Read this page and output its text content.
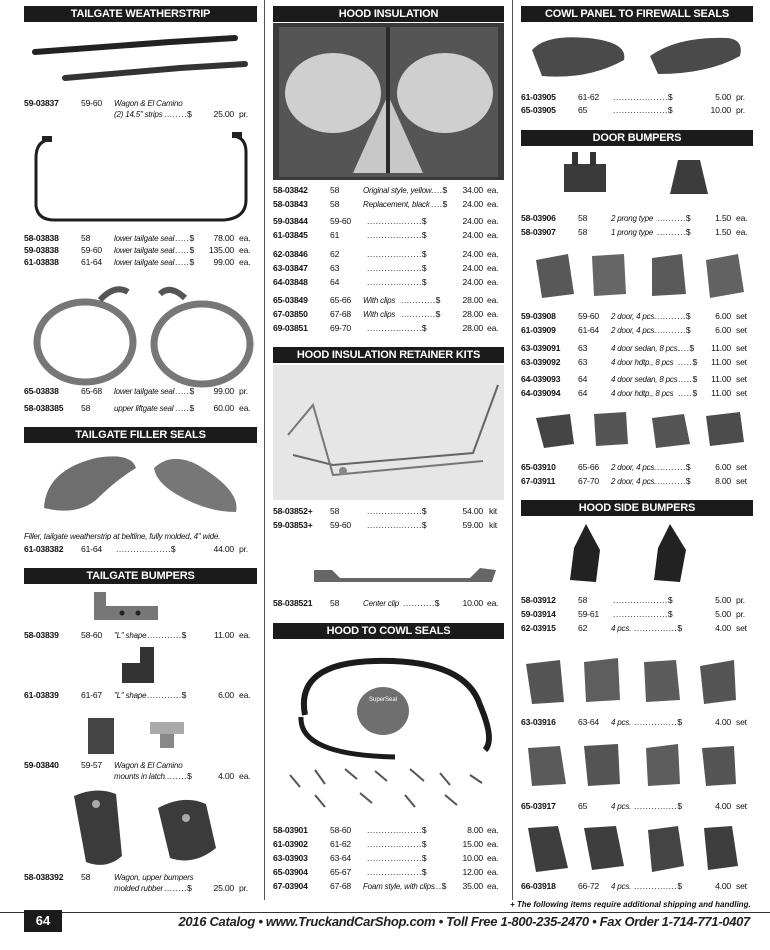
TAILGATE WEATHERSTRIP
TAILGATE FILLER SEALS
TAILGATE BUMPERS
59-03837	59-60 Wagon & El Camino
(2) 14.5" strips ........$	25.00 pr.
58-03838	58	lower tailgate seal .....$	78.00 ea.
59-03838	59-60 lower tailgate seal .....$	135.00 ea.
61-03838	61-64 lower tailgate seal .....$	99.00 ea.
65-03838	65-68 lower tailgate seal .....$	99.00 pr.
58-038385 58	upper liftgate seal .....$	60.00 ea.
Filler, tailgate weatherstrip at beltline, fully molded, 4" wide.
61-038382 61-64 ...................$	44.00 pr.
58-03839	58-60 "L" shape ............$	11.00 ea.
61-03839	61-67 "L" shape ............$	6.00 ea.
59-03840	59-57 Wagon & El Camino
mounts in latch ........$	4.00 ea.
58-038392 58	Wagon, upper bumpers
molded rubber ........$	25.00 pr.
HOOD INSULATION
HOOD INSULATION RETAINER KITS
HOOD TO COWL SEALS
SuperSeal
58-03842	58	Original style, yellow ....$	34.00 ea.
58-03843	58	Replacement, black ....$	24.00 ea.
59-03844	59-60 ...................$	24.00 ea.
61-03845	61	...................$	24.00 ea.
62-03846	62	...................$	24.00 ea.
63-03847	63	...................$	24.00 ea.
64-03848	64	...................$	24.00 ea.
65-03849	65-66 With clips ............$	28.00 ea.
67-03850	67-68 With clips ............$	28.00 ea.
69-03851	69-70 ...................$	28.00 ea.
58-03852+ 58	...................$	54.00 kit
59-03853+ 59-60 ...................$	59.00 kit
58-038521 58	Center clip ...........$	10.00 ea.
58-03901	58-60 ...................$	8.00 ea.
61-03902	61-62 ...................$	15.00 ea.
63-03903	63-64 ...................$	10.00 ea.
65-03904	65-67 ...................$	12.00 ea.
67-03904	67-68 Foam style, with clips
...$	35.00 ea.
COWL PANEL TO FIREWALL SEALS
DOOR BUMPERS
HOOD SIDE BUMPERS
61-03905	61-62 ...................$	5.00 pr.
65-03905	65	...................$	10.00 pr.
58-03906	58	2 prong type ..........$	1.50 ea.
58-03907	58	1 prong type ..........$	1.50 ea.
59-03908	59-60 2 door, 4 pcs. ..........$	6.00 set
61-03909	61-64 2 door, 4 pcs. ..........$	6.00 set
63-039091 63	4 door sedan, 8 pcs.
....$	11.00 set
63-039092 63	4 door hdtp., 8 pcs .....$	11.00 set
64-039093 64	4 door sedan, 8 pcs .....$	11.00 set
64-039094 64	4 door hdtp., 8 pcs .....$	11.00 set
65-03910	65-66 2 door, 4 pcs. ..........$	6.00 set
67-03911	67-70 2 door, 4 pcs. ..........$	8.00 set
58-03912	58	...................$	5.00 pr.
59-03914	59-61 ...................$	5.00 pr.
62-03915	62	4 pcs. ...............$	4.00 set
63-03916	63-64 4 pcs. ...............$	4.00 set
65-03917	65	4 pcs. ...............$	4.00 set
66-03918	66-72 4 pcs. ...............$	4.00 set
+ The following items require additional shipping and handling.
64	2016 Catalog • www.TruckandCarShop.com • Toll Free 1-800-235-2470 • Fax Order 1-714-771-0407
